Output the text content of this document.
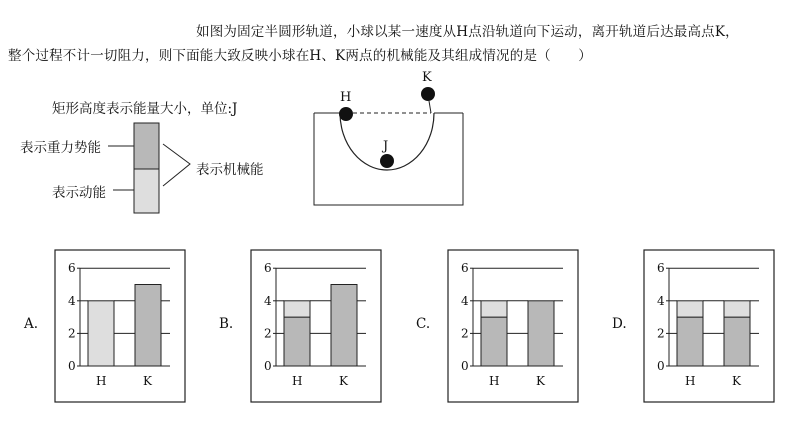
如图为固定半圆形轨道，小球以某一速度从H点沿轨道向下运动，离开轨道后达最高点K，
整个过程不计一切阻力，则下面能大致反映小球在H、K两点的机械能及其组成情况的是（　　）
矩形高度表示能量大小，单位:J
表示重力势能
表示动能
表示机械能
H
J
K
0
2
4
6
H	K
0
2
4
6
H	K
0
2
4
6
H	K
0
2
4
6
H	K
A.	B.	C.	D.
